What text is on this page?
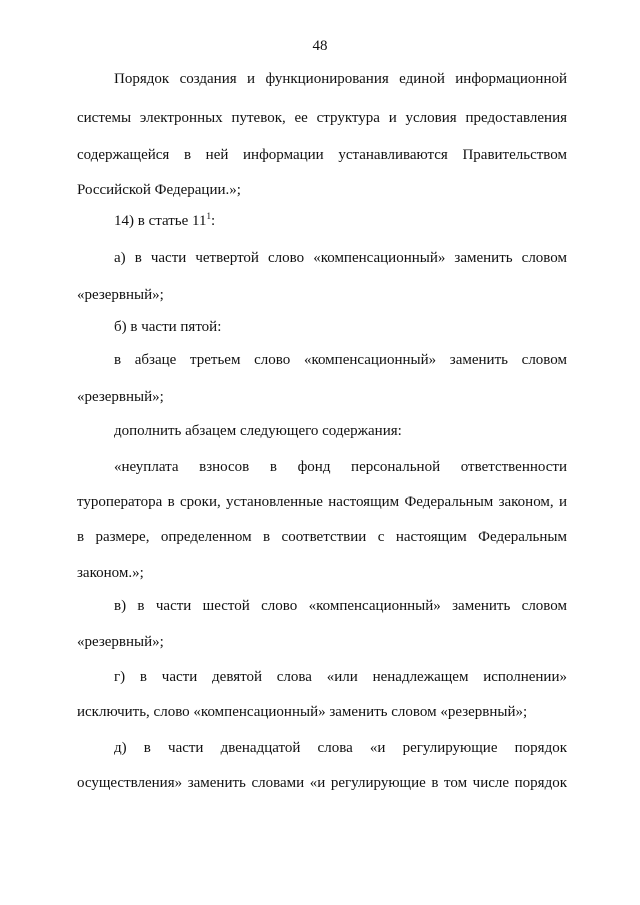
48
Порядок создания и функционирования единой информационной
системы электронных путевок, ее структура и условия предоставления
содержащейся в ней информации устанавливаются Правительством
Российской Федерации.»;
14) в статье $11^1$:
а) в части четвертой слово «компенсационный» заменить словом
«резервный»;
б) в части пятой:
в абзаце третьем слово «компенсационный» заменить словом
«резервный»;
дополнить абзацем следующего содержания:
«неуплата взносов в фонд персональной ответственности
туроператора в сроки, установленные настоящим Федеральным законом, и
в размере, определенном в соответствии с настоящим Федеральным
законом.»;
в) в части шестой слово «компенсационный» заменить словом
«резервный»;
г) в части девятой слова «или ненадлежащем исполнении»
исключить, слово «компенсационный» заменить словом «резервный»;
д) в части двенадцатой слова «и регулирующие порядок
осуществления» заменить словами «и регулирующие в том числе порядок
